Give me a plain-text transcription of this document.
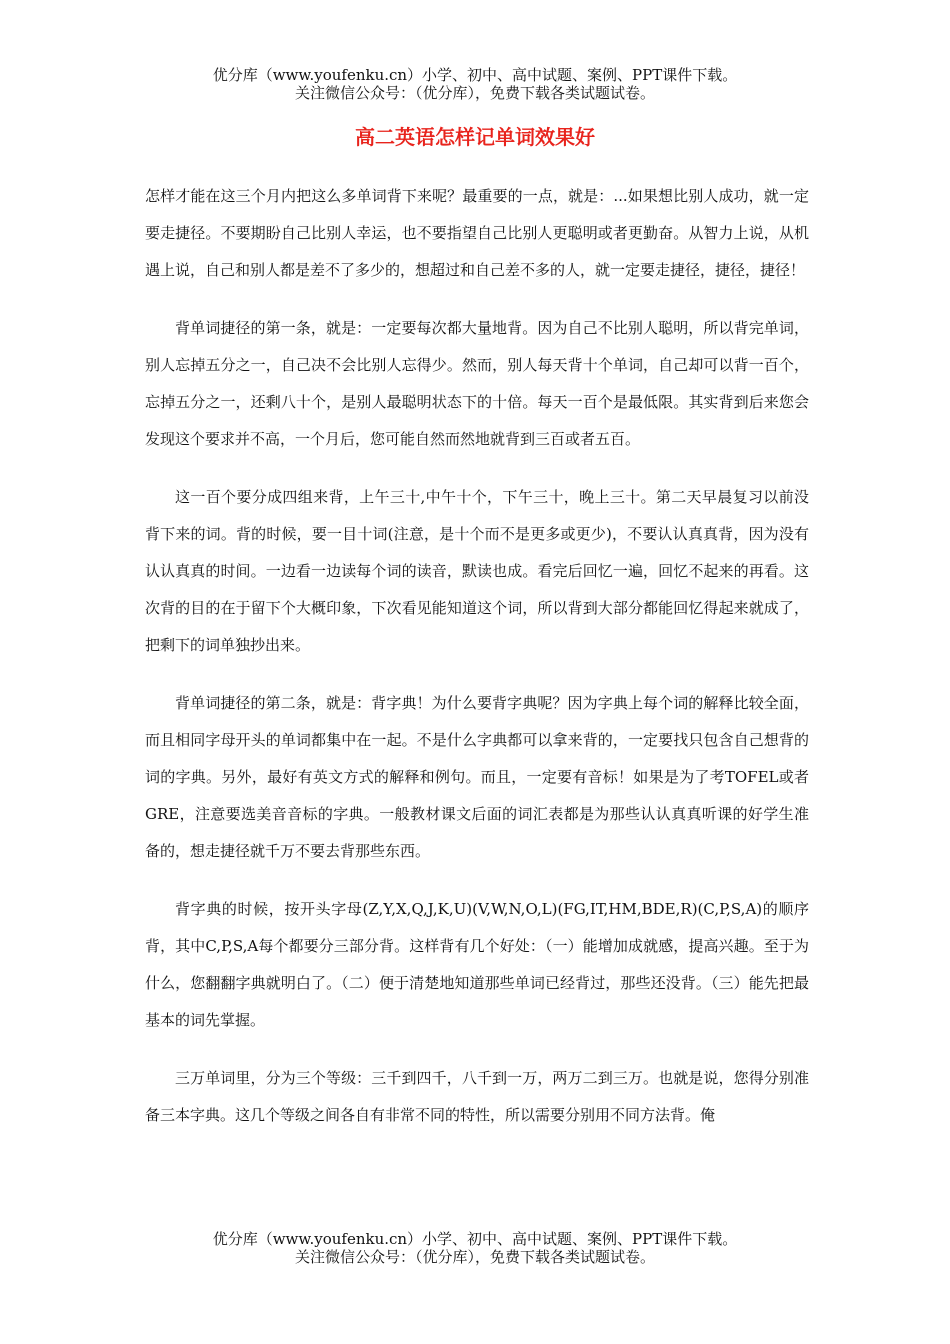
优分库（www.youfenku.cn）小学、初中、高中试题、案例、PPT课件下载。
关注微信公众号：（优分库），免费下载各类试题试卷。
高二英语怎样记单词效果好

怎样才能在这三个月内把这么多单词背下来呢？最重要的一点，就是：...如果想比别人成功，就一定要走捷径。不要期盼自己比别人幸运，也不要指望自己比别人更聪明或者更勤奋。从智力上说，从机遇上说，自己和别人都是差不了多少的，想超过和自己差不多的人，就一定要走捷径，捷径，捷径！

背单词捷径的第一条，就是：一定要每次都大量地背。因为自己不比别人聪明，所以背完单词，别人忘掉五分之一，自己决不会比别人忘得少。然而，别人每天背十个单词，自己却可以背一百个，忘掉五分之一，还剩八十个，是别人最聪明状态下的十倍。每天一百个是最低限。其实背到后来您会发现这个要求并不高，一个月后，您可能自然而然地就背到三百或者五百。

这一百个要分成四组来背，上午三十,中午十个，下午三十，晚上三十。第二天早晨复习以前没背下来的词。背的时候，要一目十词(注意，是十个而不是更多或更少)，不要认认真真背，因为没有认认真真的时间。一边看一边读每个词的读音，默读也成。看完后回忆一遍，回忆不起来的再看。这次背的目的在于留下个大概印象，下次看见能知道这个词，所以背到大部分都能回忆得起来就成了，把剩下的词单独抄出来。

背单词捷径的第二条，就是：背字典！为什么要背字典呢？因为字典上每个词的解释比较全面，而且相同字母开头的单词都集中在一起。不是什么字典都可以拿来背的，一定要找只包含自己想背的词的字典。另外，最好有英文方式的解释和例句。而且，一定要有音标！如果是为了考TOFEL或者GRE，注意要选美音音标的字典。一般教材课文后面的词汇表都是为那些认认真真听课的好学生准备的，想走捷径就千万不要去背那些东西。

背字典的时候，按开头字母(Z,Y,X,Q,J,K,U)(V,W,N,O,L)(FG,IT,HM,BDE,R)(C,P,S,A)的顺序背，其中C,P,S,A每个都要分三部分背。这样背有几个好处：（一）能增加成就感，提高兴趣。至于为什么，您翻翻字典就明白了。（二）便于清楚地知道那些单词已经背过，那些还没背。（三）能先把最基本的词先掌握。

三万单词里，分为三个等级：三千到四千，八千到一万，两万二到三万。也就是说，您得分别准备三本字典。这几个等级之间各自有非常不同的特性，所以需要分别用不同方法背。俺

优分库（www.youfenku.cn）小学、初中、高中试题、案例、PPT课件下载。
关注微信公众号：（优分库），免费下载各类试题试卷。
